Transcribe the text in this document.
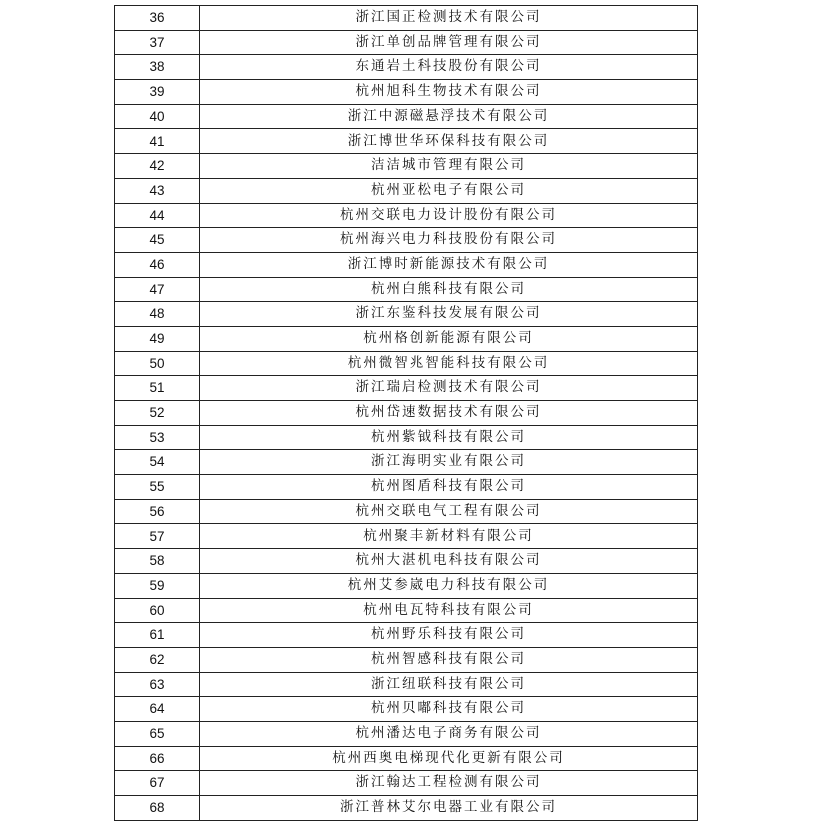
36	浙江国正检测技术有限公司
37	浙江单创品牌管理有限公司
38	东通岩土科技股份有限公司
39	杭州旭科生物技术有限公司
40	浙江中源磁悬浮技术有限公司
41	浙江博世华环保科技有限公司
42	洁洁城市管理有限公司
43	杭州亚松电子有限公司
44	杭州交联电力设计股份有限公司
45	杭州海兴电力科技股份有限公司
46	浙江博时新能源技术有限公司
47	杭州白熊科技有限公司
48	浙江东鉴科技发展有限公司
49	杭州格创新能源有限公司
50	杭州微智兆智能科技有限公司
51	浙江瑞启检测技术有限公司
52	杭州岱速数据技术有限公司
53	杭州紫钺科技有限公司
54	浙江海明实业有限公司
55	杭州图盾科技有限公司
56	杭州交联电气工程有限公司
57	杭州聚丰新材料有限公司
58	杭州大湛机电科技有限公司
59	杭州艾参崴电力科技有限公司
60	杭州电瓦特科技有限公司
61	杭州野乐科技有限公司
62	杭州智感科技有限公司
63	浙江纽联科技有限公司
64	杭州贝嘟科技有限公司
65	杭州潘达电子商务有限公司
66	杭州西奥电梯现代化更新有限公司
67	浙江翰达工程检测有限公司
68	浙江普林艾尔电器工业有限公司
